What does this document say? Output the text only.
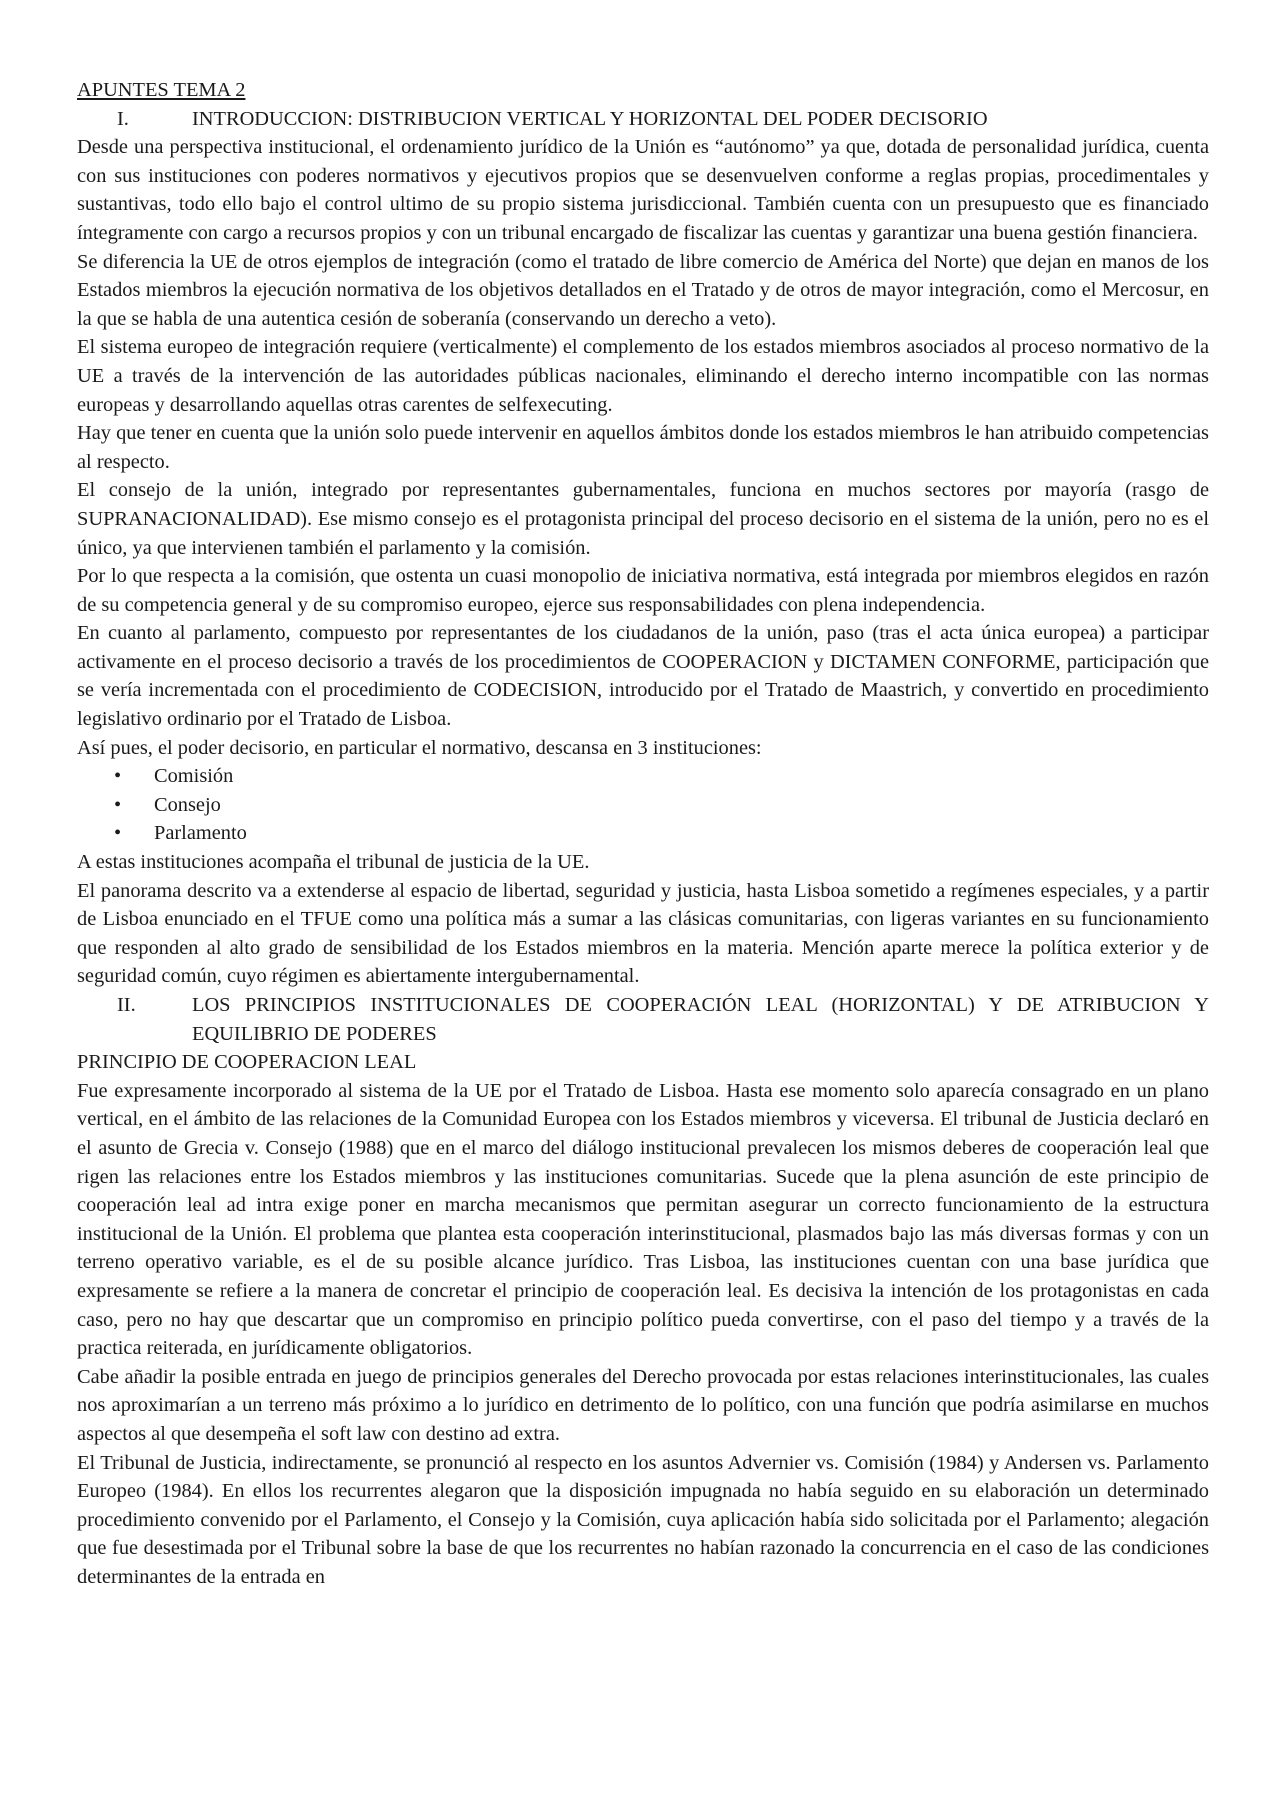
APUNTES TEMA 2
I.	INTRODUCCION: DISTRIBUCION VERTICAL Y HORIZONTAL DEL PODER DECISORIO

Desde una perspectiva institucional, el ordenamiento jurídico de la Unión es “autónomo” ya que, dotada de personalidad jurídica, cuenta con sus instituciones con poderes normativos y ejecutivos propios que se desenvuelven conforme a reglas propias, procedimentales y sustantivas, todo ello bajo el control ultimo de su propio sistema jurisdiccional. También cuenta con un presupuesto que es financiado íntegramente con cargo a recursos propios y con un tribunal encargado de fiscalizar las cuentas y garantizar una buena gestión financiera.

Se diferencia la UE de otros ejemplos de integración (como el tratado de libre comercio de América del Norte) que dejan en manos de los Estados miembros la ejecución normativa de los objetivos detallados en el Tratado y de otros de mayor integración, como el Mercosur, en la que se habla de una autentica cesión de soberanía (conservando un derecho a veto).

El sistema europeo de integración requiere (verticalmente) el complemento de los estados miembros asociados al proceso normativo de la UE a través de la intervención de las autoridades públicas nacionales, eliminando el derecho interno incompatible con las normas europeas y desarrollando aquellas otras carentes de selfexecuting.

Hay que tener en cuenta que la unión solo puede intervenir en aquellos ámbitos donde los estados miembros le han atribuido competencias al respecto.

El consejo de la unión, integrado por representantes gubernamentales, funciona en muchos sectores por mayoría (rasgo de SUPRANACIONALIDAD). Ese mismo consejo es el protagonista principal del proceso decisorio en el sistema de la unión, pero no es el único, ya que intervienen también el parlamento y la comisión.

Por lo que respecta a la comisión, que ostenta un cuasi monopolio de iniciativa normativa, está integrada por miembros elegidos en razón de su competencia general y de su compromiso europeo, ejerce sus responsabilidades con plena independencia.

En cuanto al parlamento, compuesto por representantes de los ciudadanos de la unión, paso (tras el acta única europea) a participar activamente en el proceso decisorio a través de los procedimientos de COOPERACION y DICTAMEN CONFORME, participación que se vería incrementada con el procedimiento de CODECISION, introducido por el Tratado de Maastrich, y convertido en procedimiento legislativo ordinario por el Tratado de Lisboa.

Así pues, el poder decisorio, en particular el normativo, descansa en 3 instituciones:
•	Comisión
•	Consejo
•	Parlamento
A estas instituciones acompaña el tribunal de justicia de la UE.

El panorama descrito va a extenderse al espacio de libertad, seguridad y justicia, hasta Lisboa sometido a regímenes especiales, y a partir de Lisboa enunciado en el TFUE como una política más a sumar a las clásicas comunitarias, con ligeras variantes en su funcionamiento que responden al alto grado de sensibilidad de los Estados miembros en la materia. Mención aparte merece la política exterior y de seguridad común, cuyo régimen es abiertamente intergubernamental.

II.	LOS PRINCIPIOS INSTITUCIONALES DE COOPERACIÓN LEAL (HORIZONTAL) Y DE ATRIBUCION Y EQUILIBRIO DE PODERES
PRINCIPIO DE COOPERACION LEAL

Fue expresamente incorporado al sistema de la UE por el Tratado de Lisboa. Hasta ese momento solo aparecía consagrado en un plano vertical, en el ámbito de las relaciones de la Comunidad Europea con los Estados miembros y viceversa. El tribunal de Justicia declaró en el asunto de Grecia v. Consejo (1988) que en el marco del diálogo institucional prevalecen los mismos deberes de cooperación leal que rigen las relaciones entre los Estados miembros y las instituciones comunitarias. Sucede que la plena asunción de este principio de cooperación leal ad intra exige poner en marcha mecanismos que permitan asegurar un correcto funcionamiento de la estructura institucional de la Unión. El problema que plantea esta cooperación interinstitucional, plasmados bajo las más diversas formas y con un terreno operativo variable, es el de su posible alcance jurídico. Tras Lisboa, las instituciones cuentan con una base jurídica que expresamente se refiere a la manera de concretar el principio de cooperación leal. Es decisiva la intención de los protagonistas en cada caso, pero no hay que descartar que un compromiso en principio político pueda convertirse, con el paso del tiempo y a través de la practica reiterada, en jurídicamente obligatorios.

Cabe añadir la posible entrada en juego de principios generales del Derecho provocada por estas relaciones interinstitucionales, las cuales nos aproximarían a un terreno más próximo a lo jurídico en detrimento de lo político, con una función que podría asimilarse en muchos aspectos al que desempeña el soft law con destino ad extra.

El Tribunal de Justicia, indirectamente, se pronunció al respecto en los asuntos Advernier vs. Comisión (1984) y Andersen vs. Parlamento Europeo (1984). En ellos los recurrentes alegaron que la disposición impugnada no había seguido en su elaboración un determinado procedimiento convenido por el Parlamento, el Consejo y la Comisión, cuya aplicación había sido solicitada por el Parlamento; alegación que fue desestimada por el Tribunal sobre la base de que los recurrentes no habían razonado la concurrencia en el caso de las condiciones determinantes de la entrada en
